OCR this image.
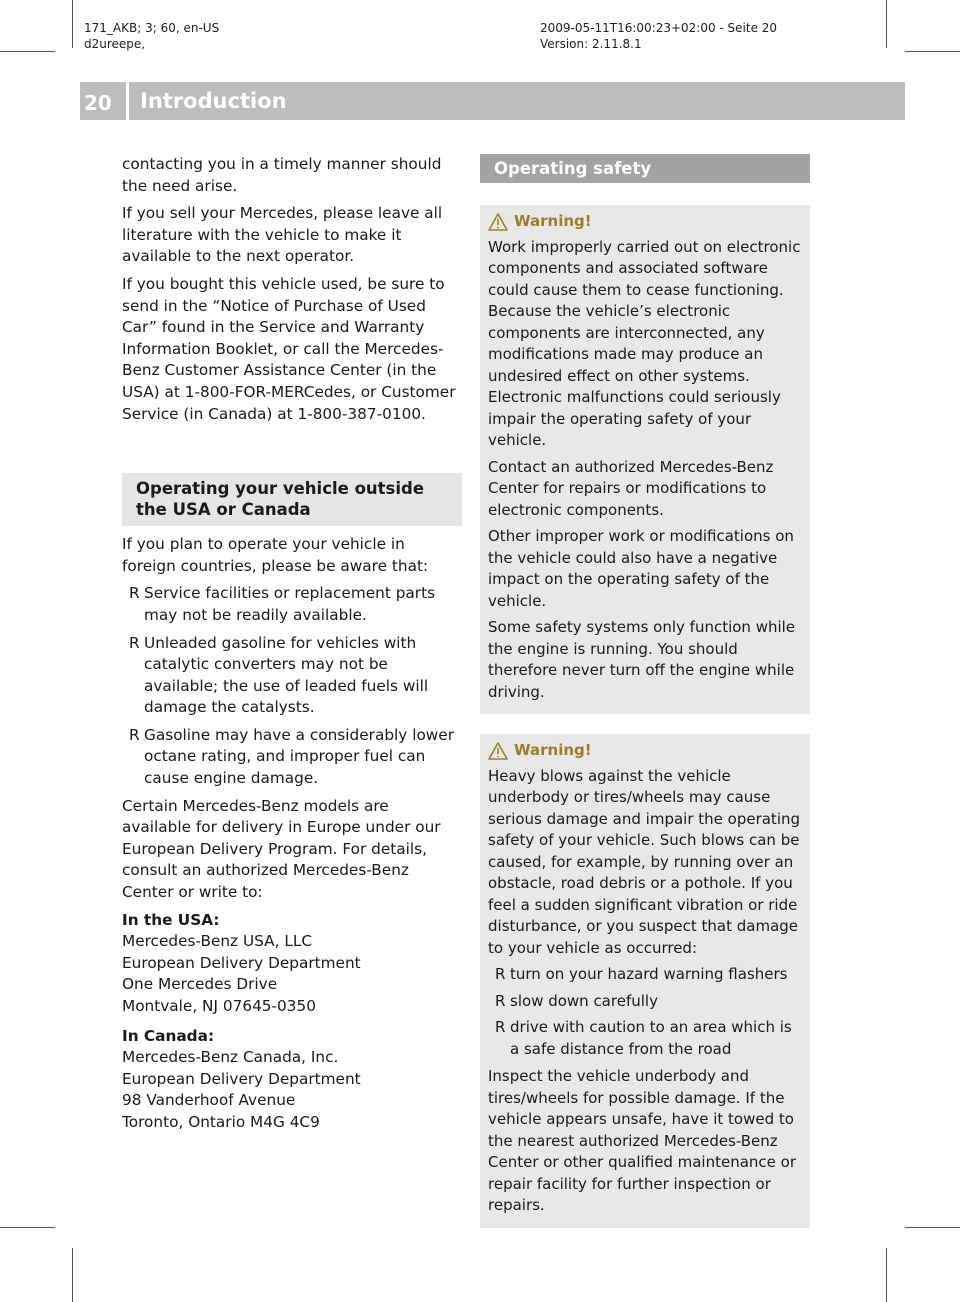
171_AKB; 3; 60, en-US
d2ureepe,
2009-05-11T16:00:23+02:00 - Seite 20
Version: 2.11.8.1
20 Introduction

contacting you in a timely manner should the need arise.

If you sell your Mercedes, please leave all literature with the vehicle to make it available to the next operator.

If you bought this vehicle used, be sure to send in the “Notice of Purchase of Used Car” found in the Service and Warranty Information Booklet, or call the Mercedes-Benz Customer Assistance Center (in the USA) at 1-800-FOR-MERCedes, or Customer Service (in Canada) at 1-800-387-0100.

Operating your vehicle outside the USA or Canada

If you plan to operate your vehicle in foreign countries, please be aware that:

R Service facilities or replacement parts may not be readily available.
R Unleaded gasoline for vehicles with catalytic converters may not be available; the use of leaded fuels will damage the catalysts.
R Gasoline may have a considerably lower octane rating, and improper fuel can cause engine damage.

Certain Mercedes-Benz models are available for delivery in Europe under our European Delivery Program. For details, consult an authorized Mercedes-Benz Center or write to:

In the USA:
Mercedes-Benz USA, LLC
European Delivery Department
One Mercedes Drive
Montvale, NJ 07645-0350
In Canada:
Mercedes-Benz Canada, Inc.
European Delivery Department
98 Vanderhoof Avenue
Toronto, Ontario M4G 4C9
Operating safety
Warning!

Work improperly carried out on electronic components and associated software could cause them to cease functioning. Because the vehicle’s electronic components are interconnected, any modifications made may produce an undesired effect on other systems. Electronic malfunctions could seriously impair the operating safety of your vehicle.

Contact an authorized Mercedes-Benz Center for repairs or modifications to electronic components.

Other improper work or modifications on the vehicle could also have a negative impact on the operating safety of the vehicle.

Some safety systems only function while the engine is running. You should therefore never turn off the engine while driving.

Warning!

Heavy blows against the vehicle underbody or tires/wheels may cause serious damage and impair the operating safety of your vehicle. Such blows can be caused, for example, by running over an obstacle, road debris or a pothole. If you feel a sudden significant vibration or ride disturbance, or you suspect that damage to your vehicle as occurred:

R turn on your hazard warning flashers
R slow down carefully
R drive with caution to an area which is a safe distance from the road

Inspect the vehicle underbody and tires/wheels for possible damage. If the vehicle appears unsafe, have it towed to the nearest authorized Mercedes-Benz Center or other qualified maintenance or repair facility for further inspection or repairs.
